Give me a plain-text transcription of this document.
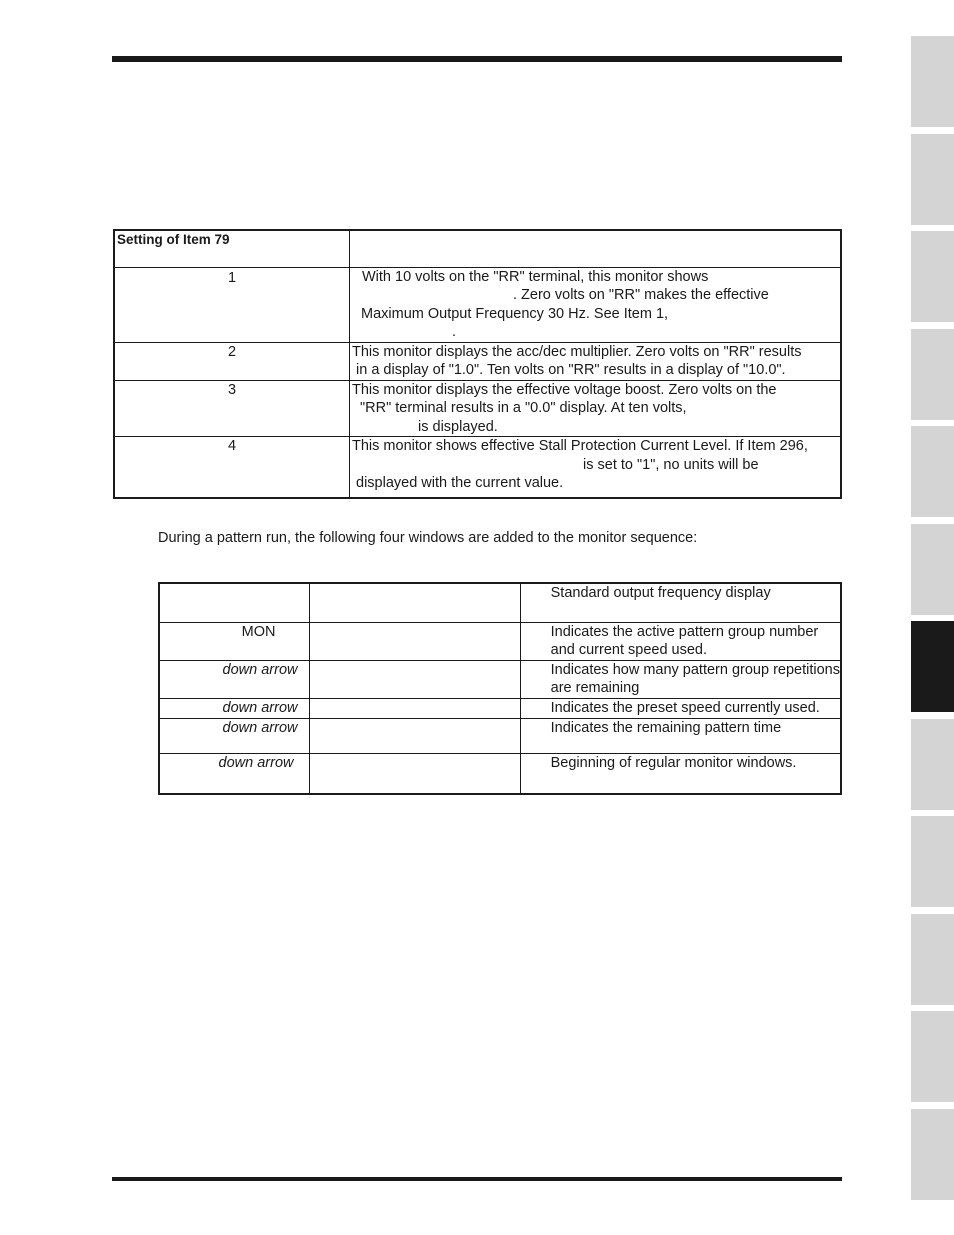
Setting of Item 79	
1	With 10 volts on the "RR" terminal, this monitor shows
. Zero volts on "RR" makes the effective
Maximum Output Frequency 30 Hz. See Item 1,
.

2	This monitor displays the acc/dec multiplier. Zero volts on "RR" results
in a display of "1.0". Ten volts on "RR" results in a display of "10.0".

3	This monitor displays the effective voltage boost. Zero volts on the
"RR" terminal results in a "0.0" display. At ten volts,
is displayed.

4	This monitor shows effective Stall Protection Current Level. If Item 296,
is set to "1", no units will be
displayed with the current value.
During a pattern run, the following four windows are added to the monitor sequence:

		Standard output frequency display

MON		Indicates the active pattern group number
and current speed used.

down arrow		Indicates how many pattern group repetitions
are remaining

down arrow		Indicates the preset speed currently used.

down arrow		Indicates the remaining pattern time

down arrow		Beginning of regular monitor windows.
